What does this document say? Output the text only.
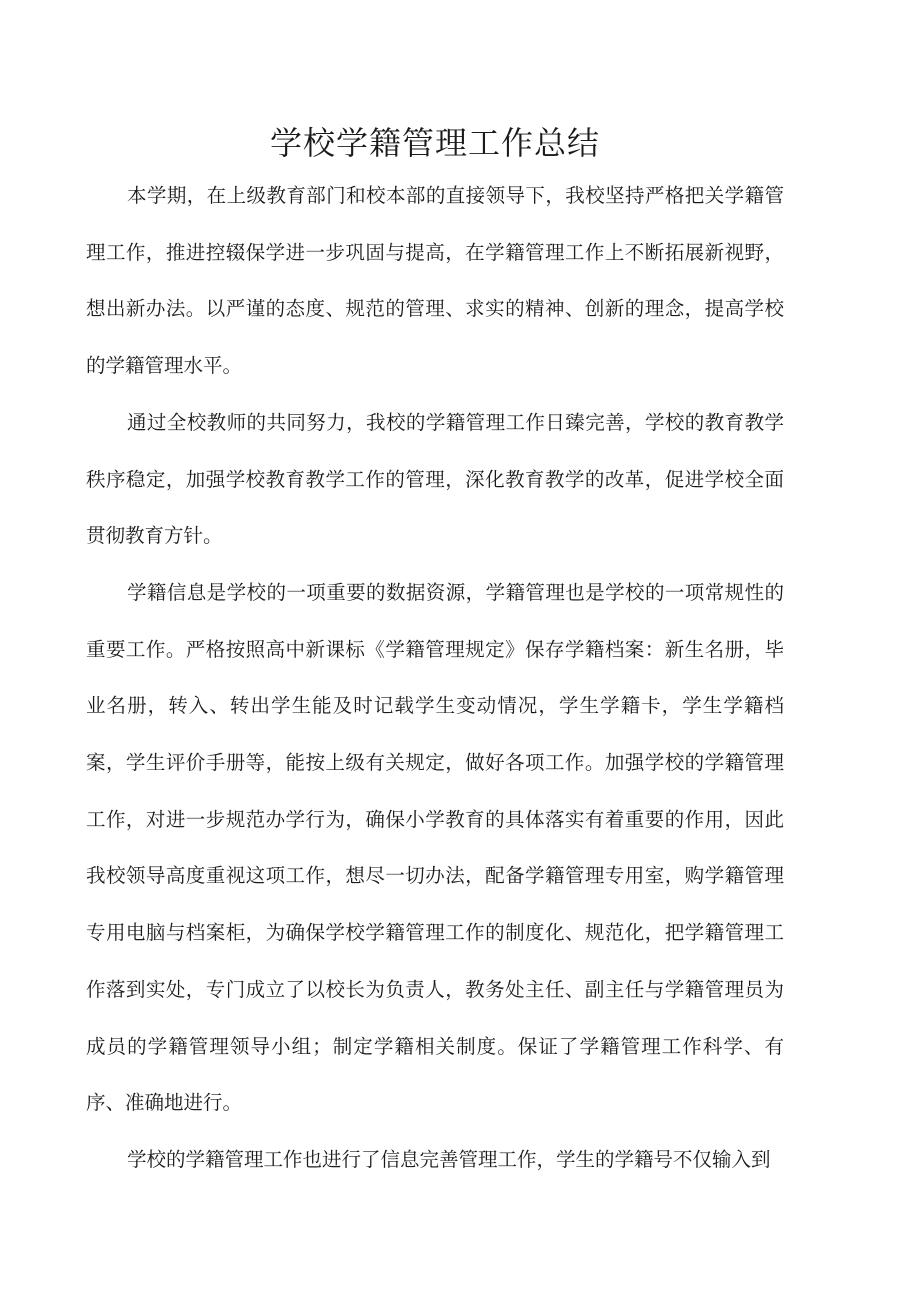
学校学籍管理工作总结

本学期，在上级教育部门和校本部的直接领导下，我校坚持严格把关学籍管理工作，推进控辍保学进一步巩固与提高，在学籍管理工作上不断拓展新视野，想出新办法。以严谨的态度、规范的管理、求实的精神、创新的理念，提高学校的学籍管理水平。

通过全校教师的共同努力，我校的学籍管理工作日臻完善，学校的教育教学秩序稳定，加强学校教育教学工作的管理，深化教育教学的改革，促进学校全面贯彻教育方针。

学籍信息是学校的一项重要的数据资源，学籍管理也是学校的一项常规性的重要工作。严格按照高中新课标《学籍管理规定》保存学籍档案：新生名册，毕业名册，转入、转出学生能及时记载学生变动情况，学生学籍卡，学生学籍档案，学生评价手册等，能按上级有关规定，做好各项工作。加强学校的学籍管理工作，对进一步规范办学行为，确保小学教育的具体落实有着重要的作用，因此我校领导高度重视这项工作，想尽一切办法，配备学籍管理专用室，购学籍管理专用电脑与档案柜，为确保学校学籍管理工作的制度化、规范化，把学籍管理工作落到实处，专门成立了以校长为负责人，教务处主任、副主任与学籍管理员为成员的学籍管理领导小组；制定学籍相关制度。保证了学籍管理工作科学、有序、准确地进行。

学校的学籍管理工作也进行了信息完善管理工作，学生的学籍号不仅输入到
